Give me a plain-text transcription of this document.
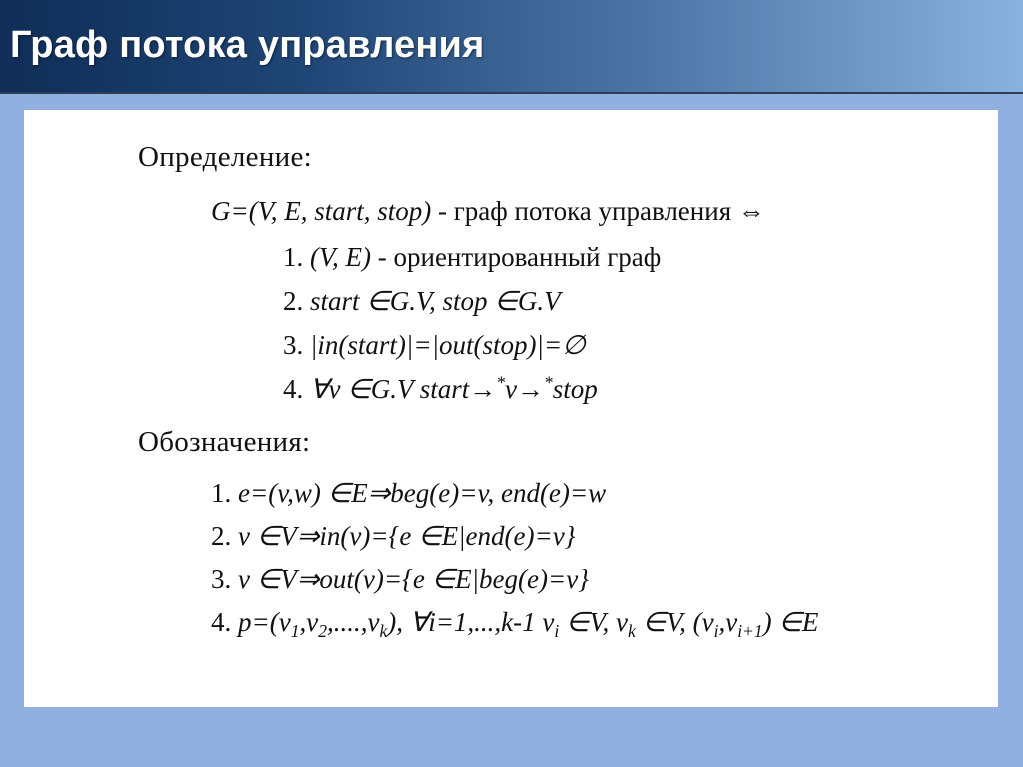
Граф потока управления
Определение:
G=(V, E, start, stop) - граф потока управления ⇔
1. (V, E) - ориентированный граф
2. start ∈G.V, stop ∈G.V
3. |in(start)|=|out(stop)|=∅
4. ∀v ∈G.V start→*v→*stop
Обозначения:
1. e=(v,w) ∈E⇒beg(e)=v, end(e)=w
2. v ∈V⇒in(v)={e ∈E|end(e)=v}
3. v ∈V⇒out(v)={e ∈E|beg(e)=v}
4. $p=(v_1,v_2,....,v_k)$, ∀i=1,...,k-1 $v_i$ ∈V, $v_k$ ∈V, $(v_i,v_{i+1})$ ∈E
